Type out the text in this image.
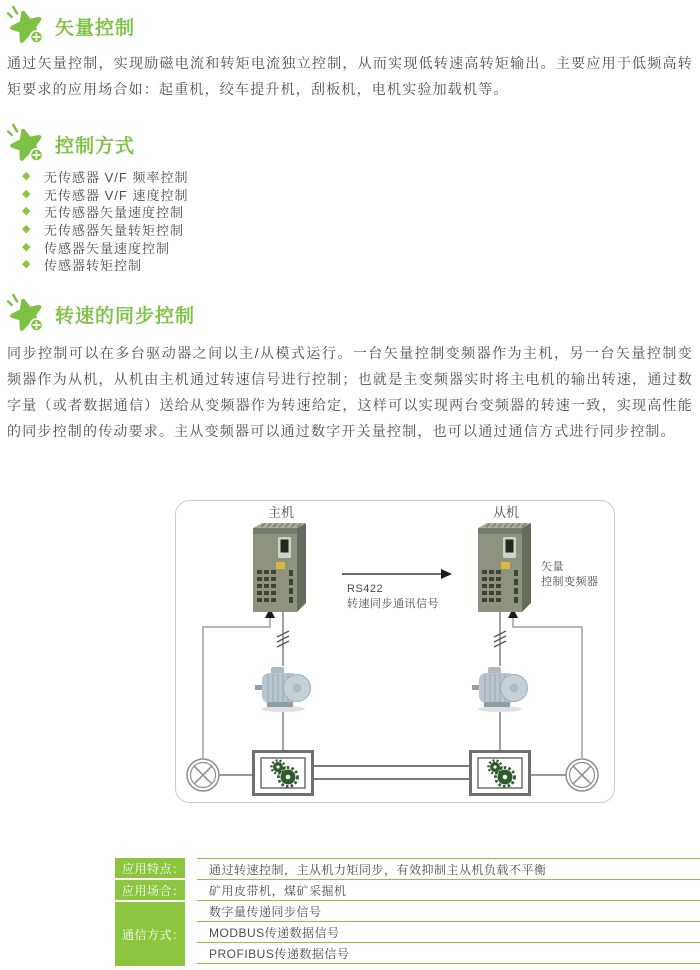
矢量控制

通过矢量控制，实现励磁电流和转矩电流独立控制，从而实现低转速高转矩输出。主要应用于低频高转矩要求的应用场合如：起重机，绞车提升机，刮板机，电机实验加载机等。

控制方式
◆ 无传感器 V/F 频率控制
◆ 无传感器 V/F 速度控制
◆ 无传感器矢量速度控制
◆ 无传感器矢量转矩控制
◆ 传感器矢量速度控制
◆ 传感器转矩控制
转速的同步控制

同步控制可以在多台驱动器之间以主/从模式运行。一台矢量控制变频器作为主机，另一台矢量控制变频器作为从机，从机由主机通过转速信号进行控制；也就是主变频器实时将主电机的输出转速，通过数字量（或者数据通信）送给从变频器作为转速给定，这样可以实现两台变频器的转速一致，实现高性能的同步控制的传动要求。主从变频器可以通过数字开关量控制，也可以通过通信方式进行同步控制。

主机	从机
RS422
转速同步通讯信号
矢量
控制变频器
应用特点：
应用场合：
通信方式：
通过转速控制，主从机力矩同步，有效抑制主从机负载不平衡
矿用皮带机，煤矿采掘机
数字量传递同步信号
MODBUS传递数据信号
PROFIBUS传递数据信号
